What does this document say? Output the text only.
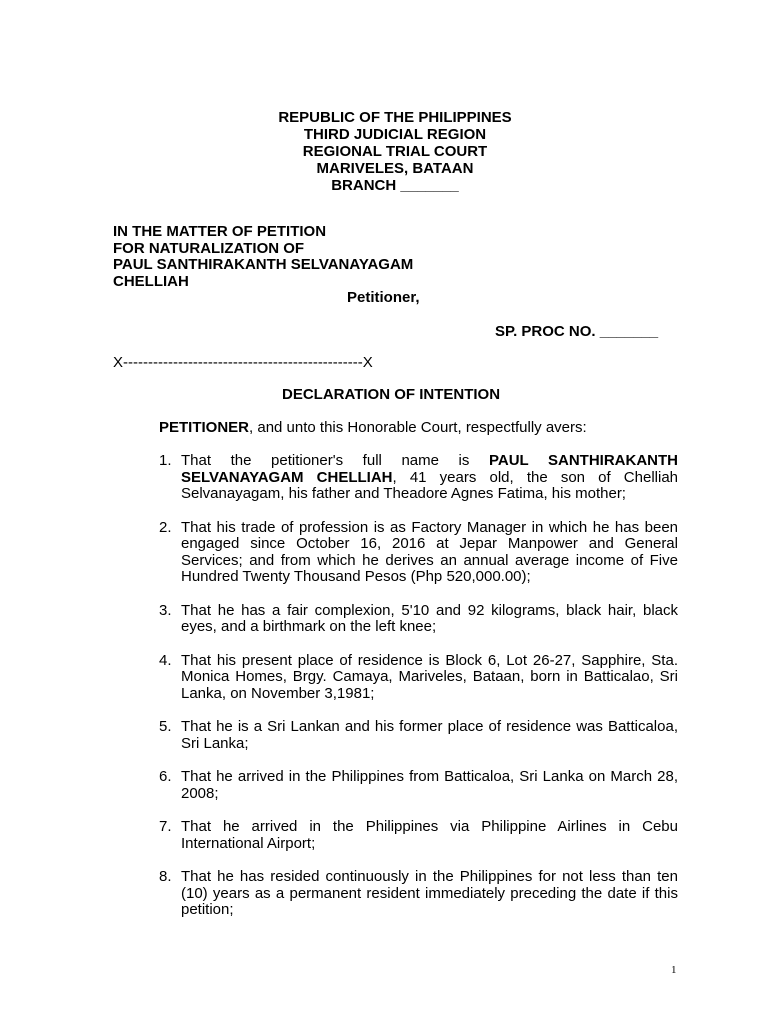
REPUBLIC OF THE PHILIPPINES
THIRD JUDICIAL REGION
REGIONAL TRIAL COURT
MARIVELES, BATAAN
BRANCH _______
IN THE MATTER OF PETITION
FOR NATURALIZATION OF
PAUL SANTHIRAKANTH SELVANAYAGAM
CHELLIAH
Petitioner,
SP. PROC NO. _______
X------------------------------------------------X
DECLARATION OF INTENTION
PETITIONER, and unto this Honorable Court, respectfully avers:
1. That the petitioner's full name is PAUL SANTHIRAKANTH SELVANAYAGAM CHELLIAH, 41 years old, the son of Chelliah Selvanayagam, his father and Theadore Agnes Fatima, his mother;
2. That his trade of profession is as Factory Manager in which he has been engaged since October 16, 2016 at Jepar Manpower and General Services; and from which he derives an annual average income of Five Hundred Twenty Thousand Pesos (Php 520,000.00);
3. That he has a fair complexion, 5'10 and 92 kilograms, black hair, black eyes, and a birthmark on the left knee;
4. That his present place of residence is Block 6, Lot 26-27, Sapphire, Sta. Monica Homes, Brgy. Camaya, Mariveles, Bataan, born in Batticalao, Sri Lanka, on November 3,1981;
5. That he is a Sri Lankan and his former place of residence was Batticaloa, Sri Lanka;
6. That he arrived in the Philippines from Batticaloa, Sri Lanka on March 28, 2008;
7. That he arrived in the Philippines via Philippine Airlines in Cebu International Airport;
8. That he has resided continuously in the Philippines for not less than ten (10) years as a permanent resident immediately preceding the date if this petition;
1
